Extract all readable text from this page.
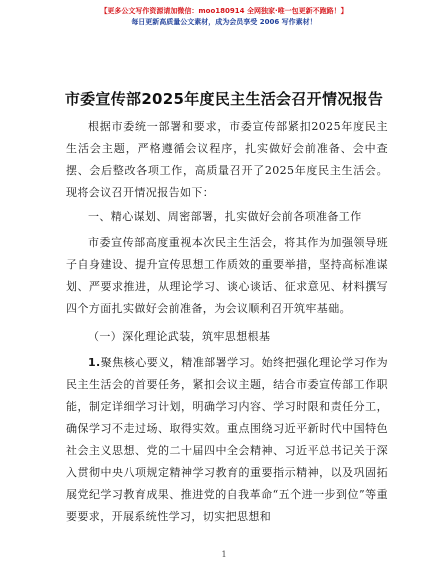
【更多公文写作资源请加微信：moo180914 全网独家·唯一包更新不跑路！】
每日更新高质量公文素材，成为会员享受 2006 写作素材！
市委宣传部2025年度民主生活会召开情况报告

根据市委统一部署和要求，市委宣传部紧扣2025年度民主生活会主题，严格遵循会议程序，扎实做好会前准备、会中查摆、会后整改各项工作，高质量召开了2025年度民主生活会。现将会议召开情况报告如下：

一、精心谋划、周密部署，扎实做好会前各项准备工作

市委宣传部高度重视本次民主生活会，将其作为加强领导班子自身建设、提升宣传思想工作质效的重要举措，坚持高标准谋划、严要求推进，从理论学习、谈心谈话、征求意见、材料撰写四个方面扎实做好会前准备，为会议顺利召开筑牢基础。

（一）深化理论武装，筑牢思想根基

1.聚焦核心要义，精准部署学习。始终把强化理论学习作为民主生活会的首要任务，紧扣会议主题，结合市委宣传部工作职能，制定详细学习计划，明确学习内容、学习时限和责任分工，确保学习不走过场、取得实效。重点围绕习近平新时代中国特色社会主义思想、党的二十届四中全会精神、习近平总书记关于深入贯彻中央八项规定精神学习教育的重要指示精神，以及巩固拓展党纪学习教育成果、推进党的自我革命“五个进一步到位”等重要要求，开展系统性学习，切实把思想和

1
